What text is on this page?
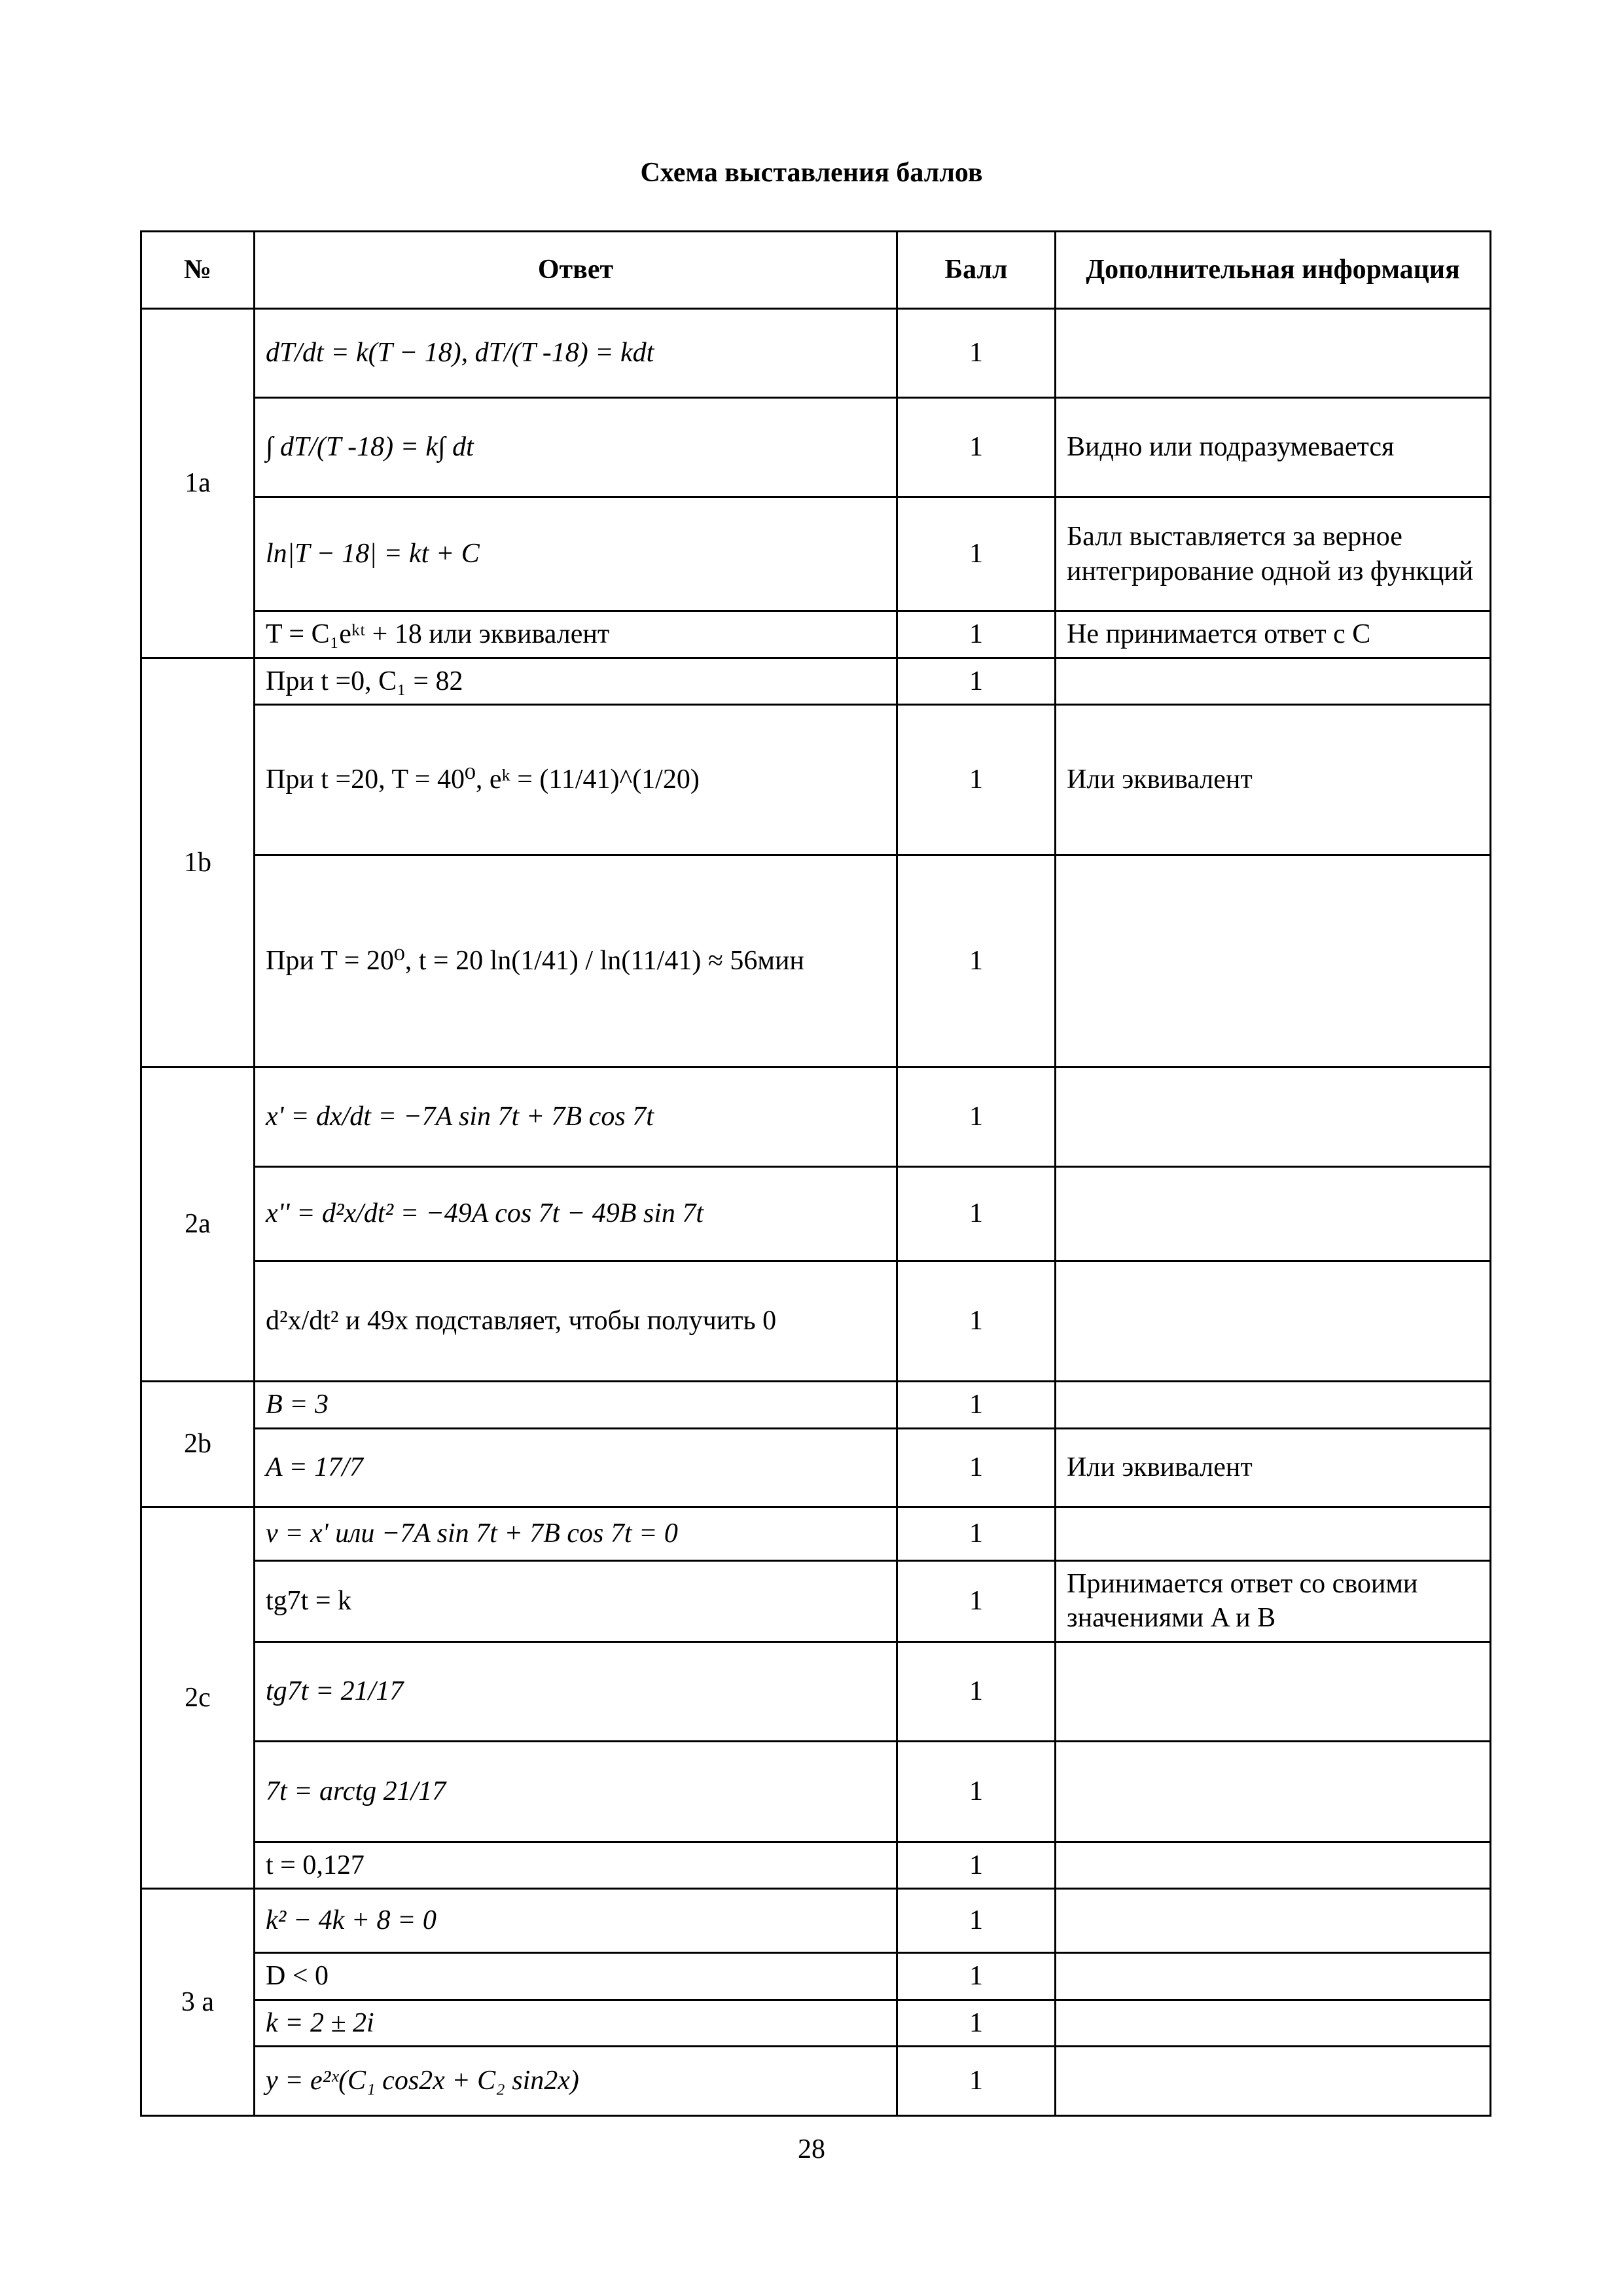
Схема выставления баллов
№	Ответ	Балл	Дополнительная информация
1a	dT/dt = k(T − 18), dT/(T -18) = kdt	1	
	∫ dT/(T -18) = k∫ dt	1	Видно или подразумевается
	ln|T − 18| = kt + C	1	Балл выставляется за верное интегрирование одной из функций
	T = C₁eᵏᵗ + 18 или эквивалент	1	Не принимается ответ с C
1b	При t =0, C₁ = 82	1	
	При t =20, T = 40⁰, eᵏ = (11/41)^(1/20)	1	Или эквивалент
	При T = 20⁰, t = 20 ln(1/41) / ln(11/41) ≈ 56мин	1	
2a	x' = dx/dt = −7A sin 7t + 7B cos 7t	1	
	x'' = d²x/dt² = −49A cos 7t − 49B sin 7t	1	
	d²x/dt² и 49x подставляет, чтобы получить 0	1	
2b	B = 3	1	
	A = 17/7	1	Или эквивалент
2c	v = x' или −7A sin 7t + 7B cos 7t = 0	1	
	tg7t = k	1	Принимается ответ со своими значениями A и B
	tg7t = 21/17	1	
	7t = arctg 21/17	1	
	t = 0,127	1	
3 a	k² − 4k + 8 = 0	1	
	D < 0	1	
	k = 2 ± 2i	1	
	y = e²ˣ(C₁ cos2x + C₂ sin2x)	1	
28
